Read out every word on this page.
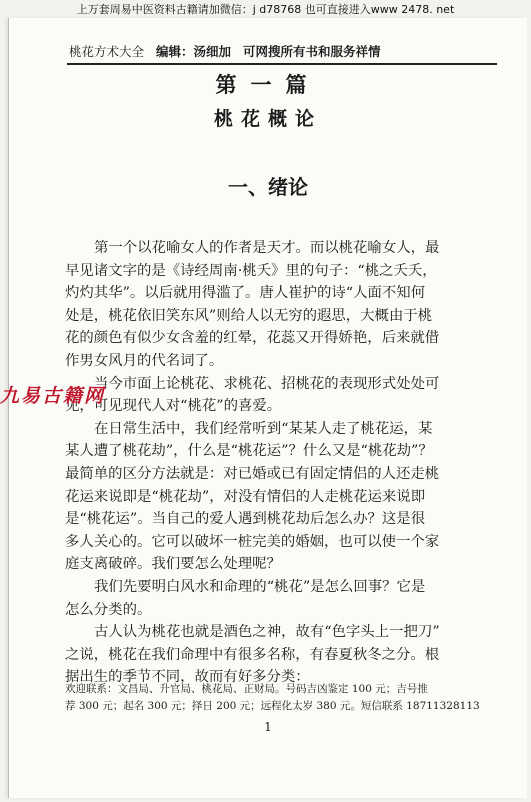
上万套周易中医资料古籍请加微信：j d78768 也可直接进入www 2478. net
桃花方术大全 编辑：汤细加 可网搜所有书和服务祥情
第一篇
桃花概论
一、绪论
第一个以花喻女人的作者是天才。而以桃花喻女人，最
早见诸文字的是《诗经周南·桃夭》里的句子：“桃之夭夭，
灼灼其华”。以后就用得滥了。唐人崔护的诗“人面不知何
处是，桃花依旧笑东风”则给人以无穷的遐思，大概由于桃
花的颜色有似少女含羞的红晕，花蕊又开得娇艳，后来就借
作男女风月的代名词了。
当今市面上论桃花、求桃花、招桃花的表现形式处处可
见，可见现代人对“桃花”的喜爱。
在日常生活中，我们经常听到“某某人走了桃花运，某
某人遭了桃花劫”，什么是“桃花运”？什么又是“桃花劫”？
最简单的区分方法就是：对已婚或已有固定情侣的人还走桃
花运来说即是“桃花劫”，对没有情侣的人走桃花运来说即
是“桃花运”。当自己的爱人遇到桃花劫后怎么办？这是很
多人关心的。它可以破坏一桩完美的婚姻，也可以使一个家
庭支离破碎。我们要怎么处理呢？
我们先要明白风水和命理的“桃花”是怎么回事？它是
怎么分类的。
古人认为桃花也就是酒色之神，故有“色字头上一把刀”
之说，桃花在我们命理中有很多名称，有春夏秋冬之分。根
据出生的季节不同，故而有好多分类：
欢迎联系：文昌局、升官局、桃花局、正财局。号码吉凶鉴定 100 元；吉号推
荐 300 元；起名 300 元；择日 200 元；远程化太岁 380 元。短信联系 18711328113
1
九易古籍网
